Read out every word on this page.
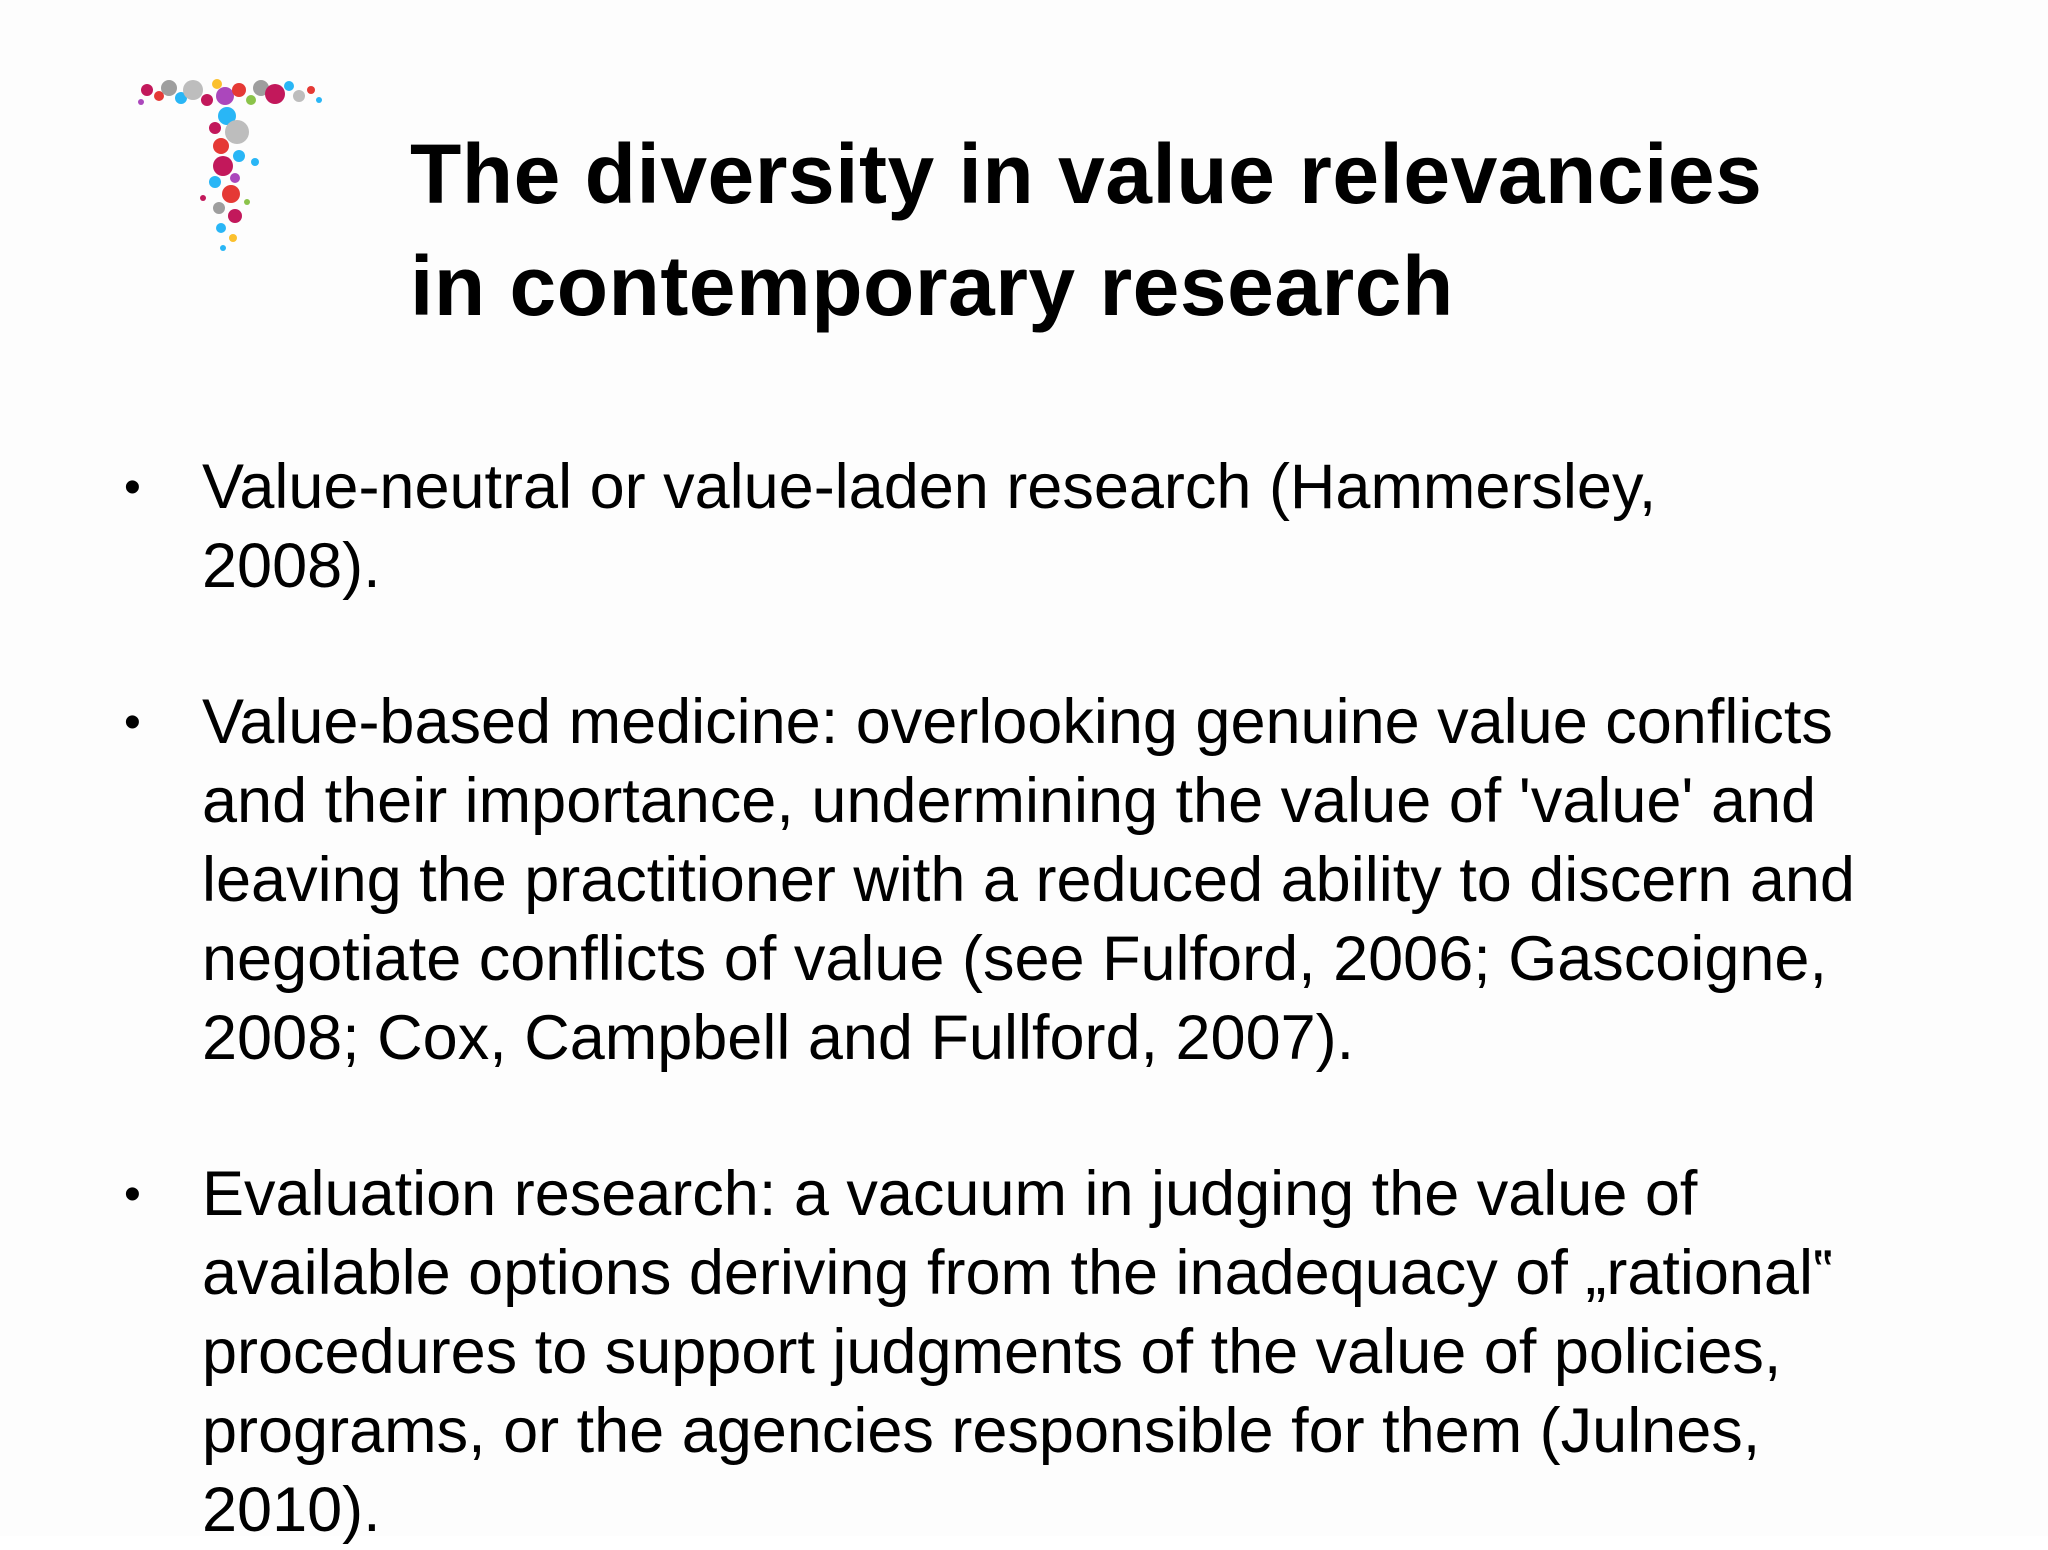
The diversity in value relevancies
in contemporary research
• Value-neutral or value-laden research (Hammersley,
2008).
• Value-based medicine: overlooking genuine value conflicts
and their importance, undermining the value of 'value' and
leaving the practitioner with a reduced ability to discern and
negotiate conflicts of value (see Fulford, 2006; Gascoigne,
2008; Cox, Campbell and Fullford, 2007).
• Evaluation research: a vacuum in judging the value of
available options deriving from the inadequacy of „rational‟
procedures to support judgments of the value of policies,
programs, or the agencies responsible for them (Julnes,
2010).
